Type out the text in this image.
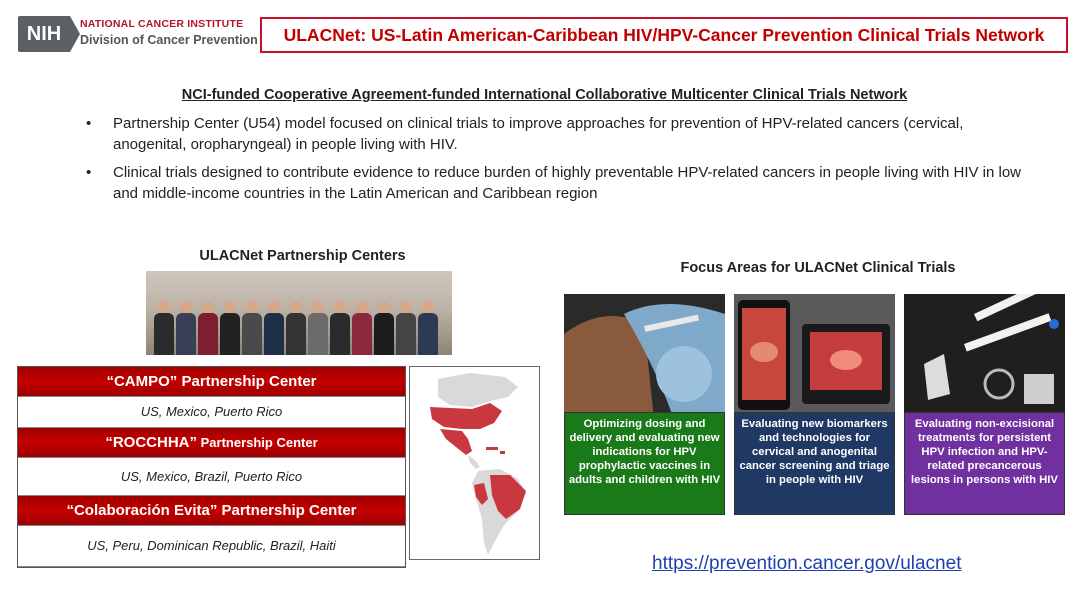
NIH	NATIONAL CANCER INSTITUTE
Division of Cancer Prevention	ULACNet: US-Latin American-Caribbean HIV/HPV-Cancer Prevention Clinical Trials Network
NCI-funded Cooperative Agreement-funded International Collaborative Multicenter Clinical Trials Network
• Partnership Center (U54) model focused on clinical trials to improve approaches for prevention of HPV-related cancers (cervical, anogenital, oropharyngeal) in people living with HIV.
• Clinical trials designed to contribute evidence to reduce burden of highly preventable HPV-related cancers in people living with HIV in low and middle-income countries in the Latin American and Caribbean region
ULACNet Partnership Centers
“CAMPO” Partnership Center
US, Mexico, Puerto Rico
“ROCCHHA” Partnership Center
US, Mexico, Brazil, Puerto Rico
“Colaboración Evita” Partnership Center
US, Peru, Dominican Republic, Brazil, Haiti
Focus Areas for ULACNet Clinical Trials
Optimizing dosing and delivery and evaluating new indications for HPV prophylactic vaccines in adults and children with HIV
Evaluating new biomarkers and technologies for cervical and anogenital cancer screening and triage in people with HIV
Evaluating non-excisional treatments for persistent HPV infection and HPV-related precancerous lesions in persons with HIV
https://prevention.cancer.gov/ulacnet
